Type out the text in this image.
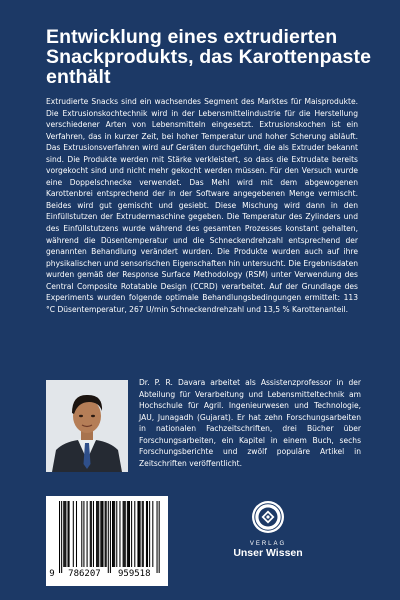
Entwicklung eines extrudierten Snackprodukts, das Karottenpaste enthält

Extrudierte Snacks sind ein wachsendes Segment des Marktes für Maisprodukte. Die Extrusionskochtechnik wird in der Lebensmittelindustrie für die Herstellung verschiedener Arten von Lebensmitteln eingesetzt. Extrusionskochen ist ein Verfahren, das in kurzer Zeit, bei hoher Temperatur und hoher Scherung abläuft. Das Extrusionsverfahren wird auf Geräten durchgeführt, die als Extruder bekannt sind. Die Produkte werden mit Stärke verkleistert, so dass die Extrudate bereits vorgekocht sind und nicht mehr gekocht werden müssen. Für den Versuch wurde eine Doppelschnecke verwendet. Das Mehl wird mit dem abgewogenen Karottenbrei entsprechend der in der Software angegebenen Menge vermischt. Beides wird gut gemischt und gesiebt. Diese Mischung wird dann in den Einfüllstutzen der Extrudermaschine gegeben. Die Temperatur des Zylinders und des Einfüllstutzens wurde während des gesamten Prozesses konstant gehalten, während die Düsentemperatur und die Schneckendrehzahl entsprechend der genannten Behandlung verändert wurden. Die Produkte wurden auch auf ihre physikalischen und sensorischen Eigenschaften hin untersucht. Die Ergebnisdaten wurden gemäß der Response Surface Methodology (RSM) unter Verwendung des Central Composite Rotatable Design (CCRD) verarbeitet. Auf der Grundlage des Experiments wurden folgende optimale Behandlungsbedingungen ermittelt: 113 °C Düsentemperatur, 267 U/min Schneckendrehzahl und 13,5 % Karottenanteil.

Dr. P. R. Davara arbeitet als Assistenzprofessor in der Abteilung für Verarbeitung und Lebensmitteltechnik am Hochschule für Agril. Ingenieurwesen und Technologie, JAU, Junagadh (Gujarat). Er hat zehn Forschungsarbeiten in nationalen Fachzeitschriften, drei Bücher über Forschungsarbeiten, ein Kapitel in einem Buch, sechs Forschungsberichte und zwölf populäre Artikel in Zeitschriften veröffentlicht.

9 786207 959518
VERLAG
Unser Wissen
